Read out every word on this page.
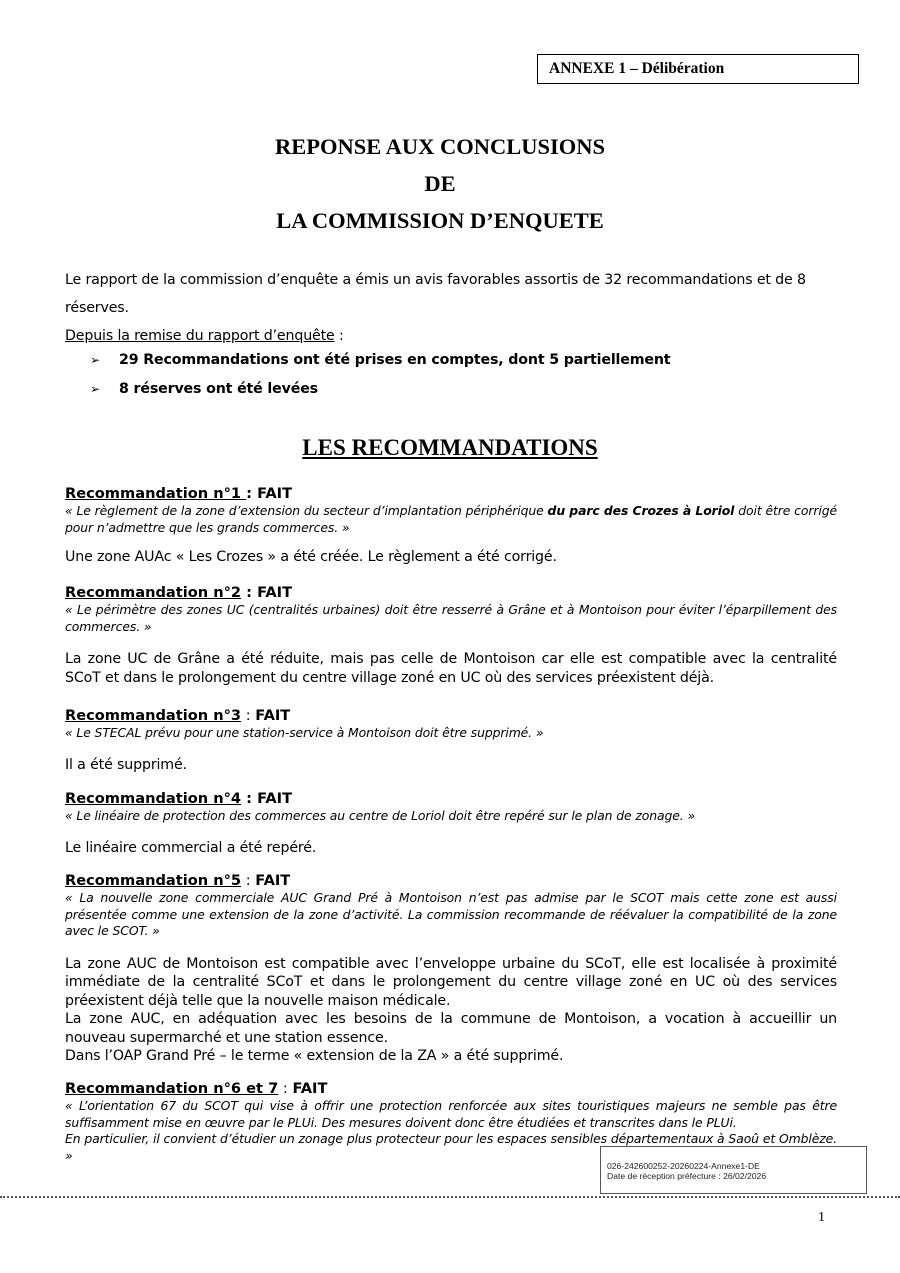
ANNEXE 1 – Délibération
REPONSE AUX CONCLUSIONS
DE
LA COMMISSION D’ENQUETE
Le rapport de la commission d’enquête a émis un avis favorables assortis de 32 recommandations et de 8 réserves.
Depuis la remise du rapport d’enquête :
➢	29 Recommandations ont été prises en comptes, dont 5 partiellement
➢	8 réserves ont été levées
LES RECOMMANDATIONS
Recommandation n°1 : FAIT
« Le règlement de la zone d’extension du secteur d’implantation périphérique du parc des Crozes à Loriol doit être corrigé pour n’admettre que les grands commerces. »
Une zone AUAc « Les Crozes » a été créée. Le règlement a été corrigé.
Recommandation n°2 : FAIT
« Le périmètre des zones UC (centralités urbaines) doit être resserré à Grâne et à Montoison pour éviter l’éparpillement des commerces. »
La zone UC de Grâne a été réduite, mais pas celle de Montoison car elle est compatible avec la centralité SCoT et dans le prolongement du centre village zoné en UC où des services préexistent déjà.
Recommandation n°3 : FAIT
« Le STECAL prévu pour une station-service à Montoison doit être supprimé. »
Il a été supprimé.
Recommandation n°4 : FAIT
« Le linéaire de protection des commerces au centre de Loriol doit être repéré sur le plan de zonage. »
Le linéaire commercial a été repéré.
Recommandation n°5 : FAIT
« La nouvelle zone commerciale AUC Grand Pré à Montoison n’est pas admise par le SCOT mais cette zone est aussi présentée comme une extension de la zone d’activité. La commission recommande de réévaluer la compatibilité de la zone avec le SCOT. »
La zone AUC de Montoison est compatible avec l’enveloppe urbaine du SCoT, elle est localisée à proximité immédiate de la centralité SCoT et dans le prolongement du centre village zoné en UC où des services préexistent déjà telle que la nouvelle maison médicale.
La zone AUC, en adéquation avec les besoins de la commune de Montoison, a vocation à accueillir un nouveau supermarché et une station essence.
Dans l’OAP Grand Pré – le terme « extension de la ZA » a été supprimé.
Recommandation n°6 et 7 : FAIT
« L’orientation 67 du SCOT qui vise à offrir une protection renforcée aux sites touristiques majeurs ne semble pas être suffisamment mise en œuvre par le PLUi. Des mesures doivent donc être étudiées et transcrites dans le PLUi.
En particulier, il convient d’étudier un zonage plus protecteur pour les espaces sensibles départementaux à Saoû et Omblèze. »
026-242600252-20260224-Annexe1-DE
Date de réception préfecture : 26/02/2026
1
